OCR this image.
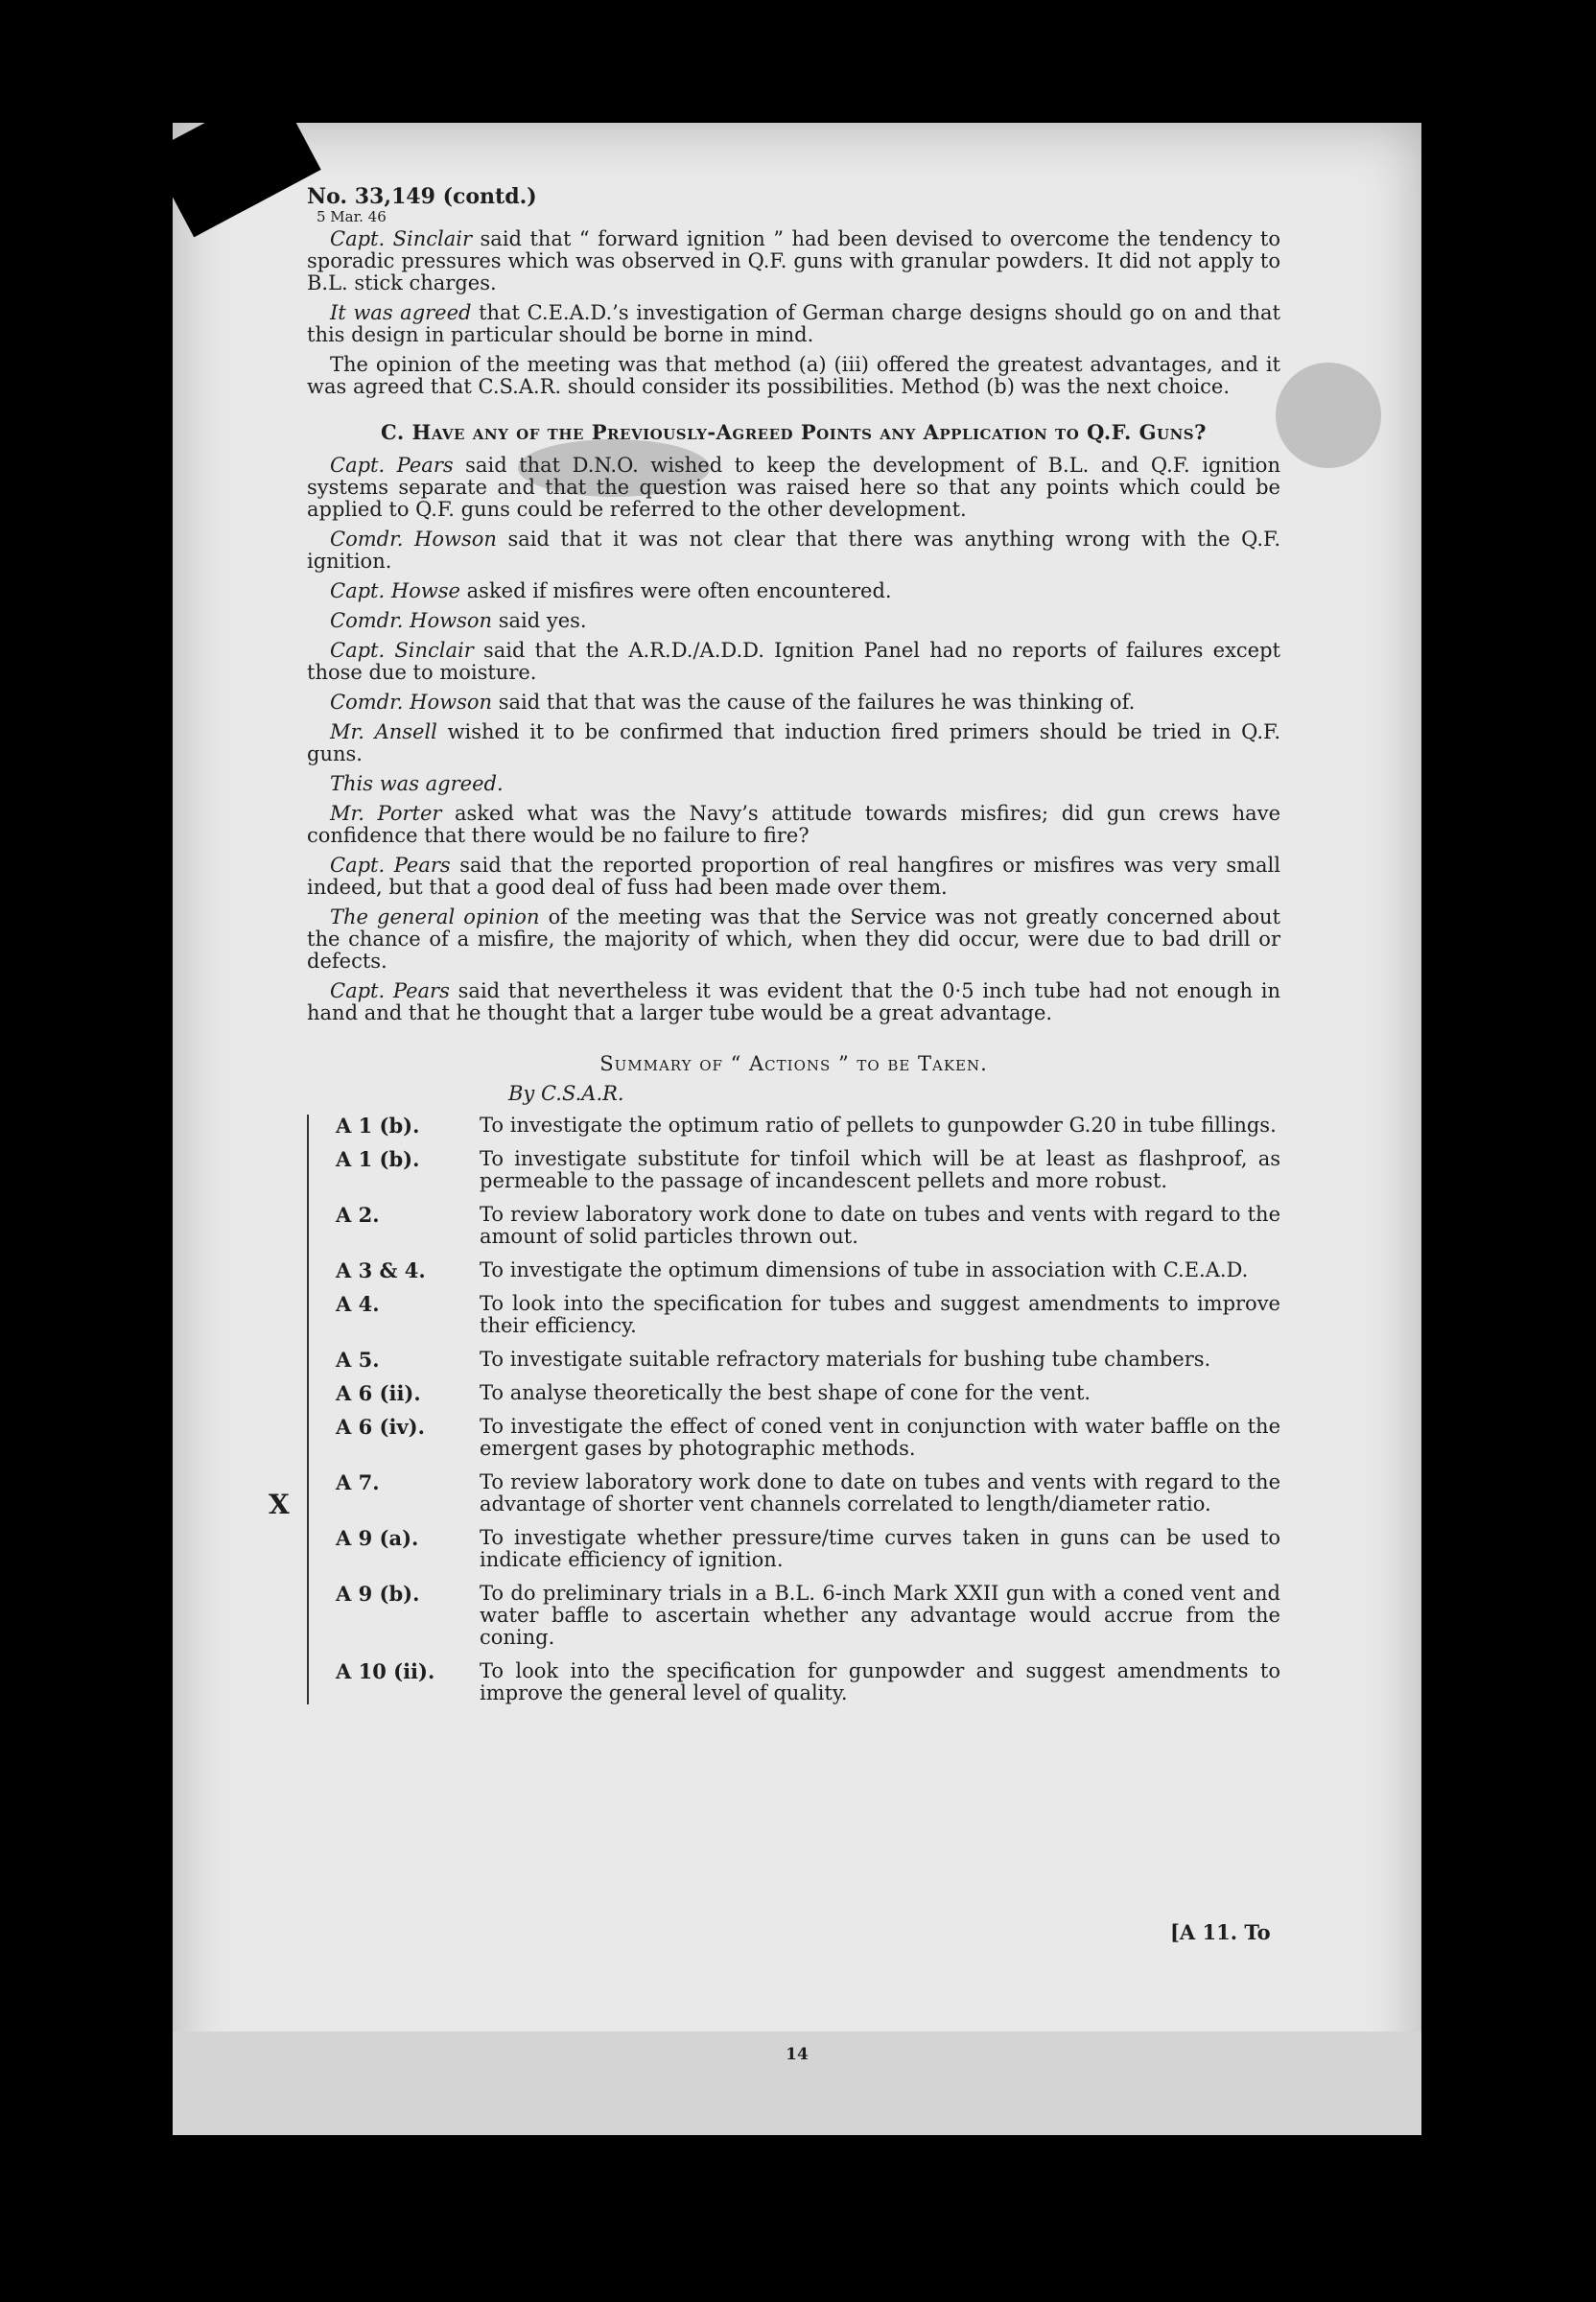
No. 33,149 (contd.)
5 Mar. 46

Capt. Sinclair said that “ forward ignition ” had been devised to overcome the tendency to sporadic pressures which was observed in Q.F. guns with granular powders. It did not apply to B.L. stick charges.

It was agreed that C.E.A.D.’s investigation of German charge designs should go on and that this design in particular should be borne in mind.

The opinion of the meeting was that method (a) (iii) offered the greatest advantages, and it was agreed that C.S.A.R. should consider its possibilities. Method (b) was the next choice.

C. Have any of the Previously-Agreed Points any Application to Q.F. Guns?

Capt. Pears said that D.N.O. wished to keep the development of B.L. and Q.F. ignition systems separate and that the question was raised here so that any points which could be applied to Q.F. guns could be referred to the other development.

Comdr. Howson said that it was not clear that there was anything wrong with the Q.F. ignition.

Capt. Howse asked if misfires were often encountered.

Comdr. Howson said yes.

Capt. Sinclair said that the A.R.D./A.D.D. Ignition Panel had no reports of failures except those due to moisture.

Comdr. Howson said that that was the cause of the failures he was thinking of.

Mr. Ansell wished it to be confirmed that induction fired primers should be tried in Q.F. guns.

This was agreed.

Mr. Porter asked what was the Navy’s attitude towards misfires; did gun crews have confidence that there would be no failure to fire?

Capt. Pears said that the reported proportion of real hangfires or misfires was very small indeed, but that a good deal of fuss had been made over them.

The general opinion of the meeting was that the Service was not greatly concerned about the chance of a misfire, the majority of which, when they did occur, were due to bad drill or defects.

Capt. Pears said that nevertheless it was evident that the 0·5 inch tube had not enough in hand and that he thought that a larger tube would be a great advantage.

Summary of “ Actions ” to be Taken.
By C.S.A.R.
A 1 (b).	To investigate the optimum ratio of pellets to gunpowder G.20 in tube fillings.
A 1 (b).	To investigate substitute for tinfoil which will be at least as flashproof, as permeable to the passage of incandescent pellets and more robust.
A 2.	To review laboratory work done to date on tubes and vents with regard to the amount of solid particles thrown out.
A 3 & 4.	To investigate the optimum dimensions of tube in association with C.E.A.D.
A 4.	To look into the specification for tubes and suggest amendments to improve their efficiency.
A 5.	To investigate suitable refractory materials for bushing tube chambers.
A 6 (ii).	To analyse theoretically the best shape of cone for the vent.
A 6 (iv).	To investigate the effect of coned vent in conjunction with water baffle on the emergent gases by photographic methods.
A 7.	To review laboratory work done to date on tubes and vents with regard to the advantage of shorter vent channels correlated to length/diameter ratio.
A 9 (a).	To investigate whether pressure/time curves taken in guns can be used to indicate efficiency of ignition.
A 9 (b).	To do preliminary trials in a B.L. 6-inch Mark XXII gun with a coned vent and water baffle to ascertain whether any advantage would accrue from the coning.
A 10 (ii).	To look into the specification for gunpowder and suggest amendments to improve the general level of quality.
X
[A 11. To
14
